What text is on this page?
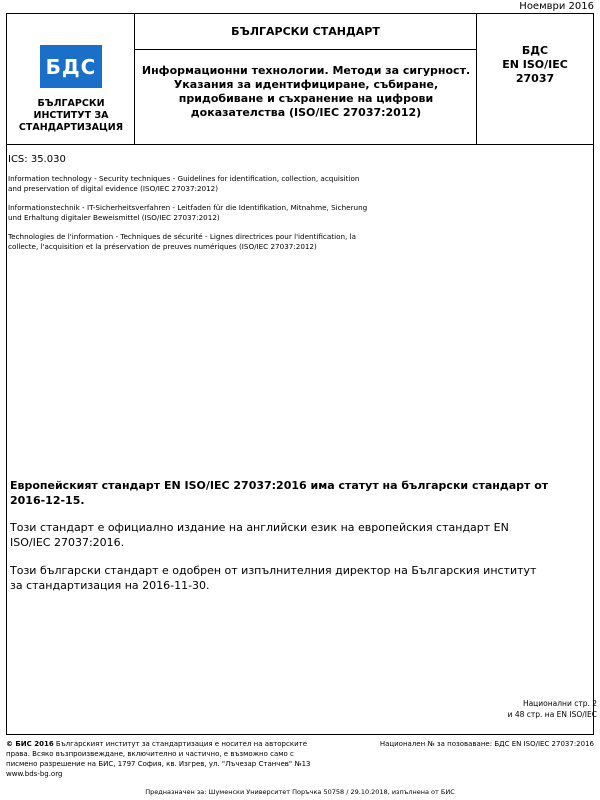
Ноември 2016
БДС
БЪЛГАРСКИ ИНСТИТУТ ЗА СТАНДАРТИЗАЦИЯ
БЪЛГАРСКИ СТАНДАРТ
Информационни технологии. Методи за сигурност. Указания за идентифициране, събиране, придобиване и съхранение на цифрови доказателства (ISO/IEC 27037:2012)
БДС
EN ISO/IEC
27037
ICS: 35.030
Information technology - Security techniques - Guidelines for identification, collection, acquisition and preservation of digital evidence (ISO/IEC 27037:2012)
Informationstechnik - IT-Sicherheitsverfahren - Leitfaden für die Identifikation, Mitnahme, Sicherung und Erhaltung digitaler Beweismittel (ISO/IEC 27037:2012)
Technologies de l'information - Techniques de sécurité - Lignes directrices pour l'identification, la collecte, l'acquisition et la préservation de preuves numériques (ISO/IEC 27037:2012)
Европейският стандарт EN ISO/IEC 27037:2016 има статут на български стандарт от 2016-12-15.
Този стандарт е официално издание на английски език на европейския стандарт EN ISO/IEC 27037:2016.
Този български стандарт е одобрен от изпълнителния директор на Българския институт за стандартизация на 2016-11-30.
Национални стр. 2
и 48 стр. на EN ISO/IEC
© БИС 2016 Българският институт за стандартизация е носител на авторските права. Всяко възпроизвеждане, включително и частично, е възможно само с писмено разрешение на БИС, 1797 София, кв. Изгрев, ул. "Лъчезар Станчев" №13
www.bds-bg.org
Национален № за позоваване: БДС EN ISO/IEC 27037:2016
Предназначен за: Шуменски Университет Поръчка 50758 / 29.10.2018, изпълнена от БИС
